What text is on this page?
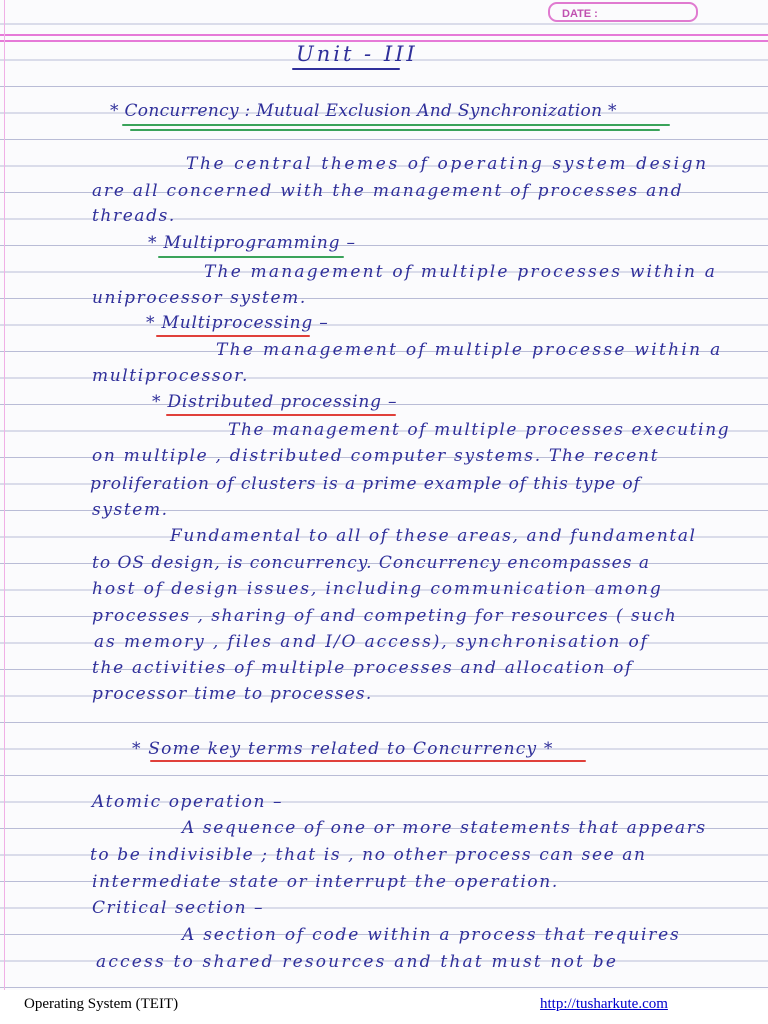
DATE :

Unit - III

* Concurrency : Mutual Exclusion And Synchronization *

The central themes of operating system design

are all concerned with the management of processes and

threads.

* Multiprogramming –

The management of multiple processes within a

uniprocessor system.

* Multiprocessing –

The management of multiple processe within a

multiprocessor.

* Distributed processing –

The management of multiple processes executing

on multiple , distributed computer systems. The recent

proliferation of clusters is a prime example of this type of

system.

Fundamental to all of these areas, and fundamental

to OS design, is concurrency. Concurrency encompasses a

host of design issues, including communication among

processes , sharing of and competing for resources ( such

as memory , files and I/O access), synchronisation of

the activities of multiple processes and allocation of

processor time to processes.

* Some key terms related to Concurrency *

Atomic operation –

A sequence of one or more statements that appears

to be indivisible ; that is , no other process can see an

intermediate state or interrupt the operation.

Critical section –

A section of code within a process that requires

access to shared resources and that must not be

Operating System (TEIT)	http://tusharkute.com
